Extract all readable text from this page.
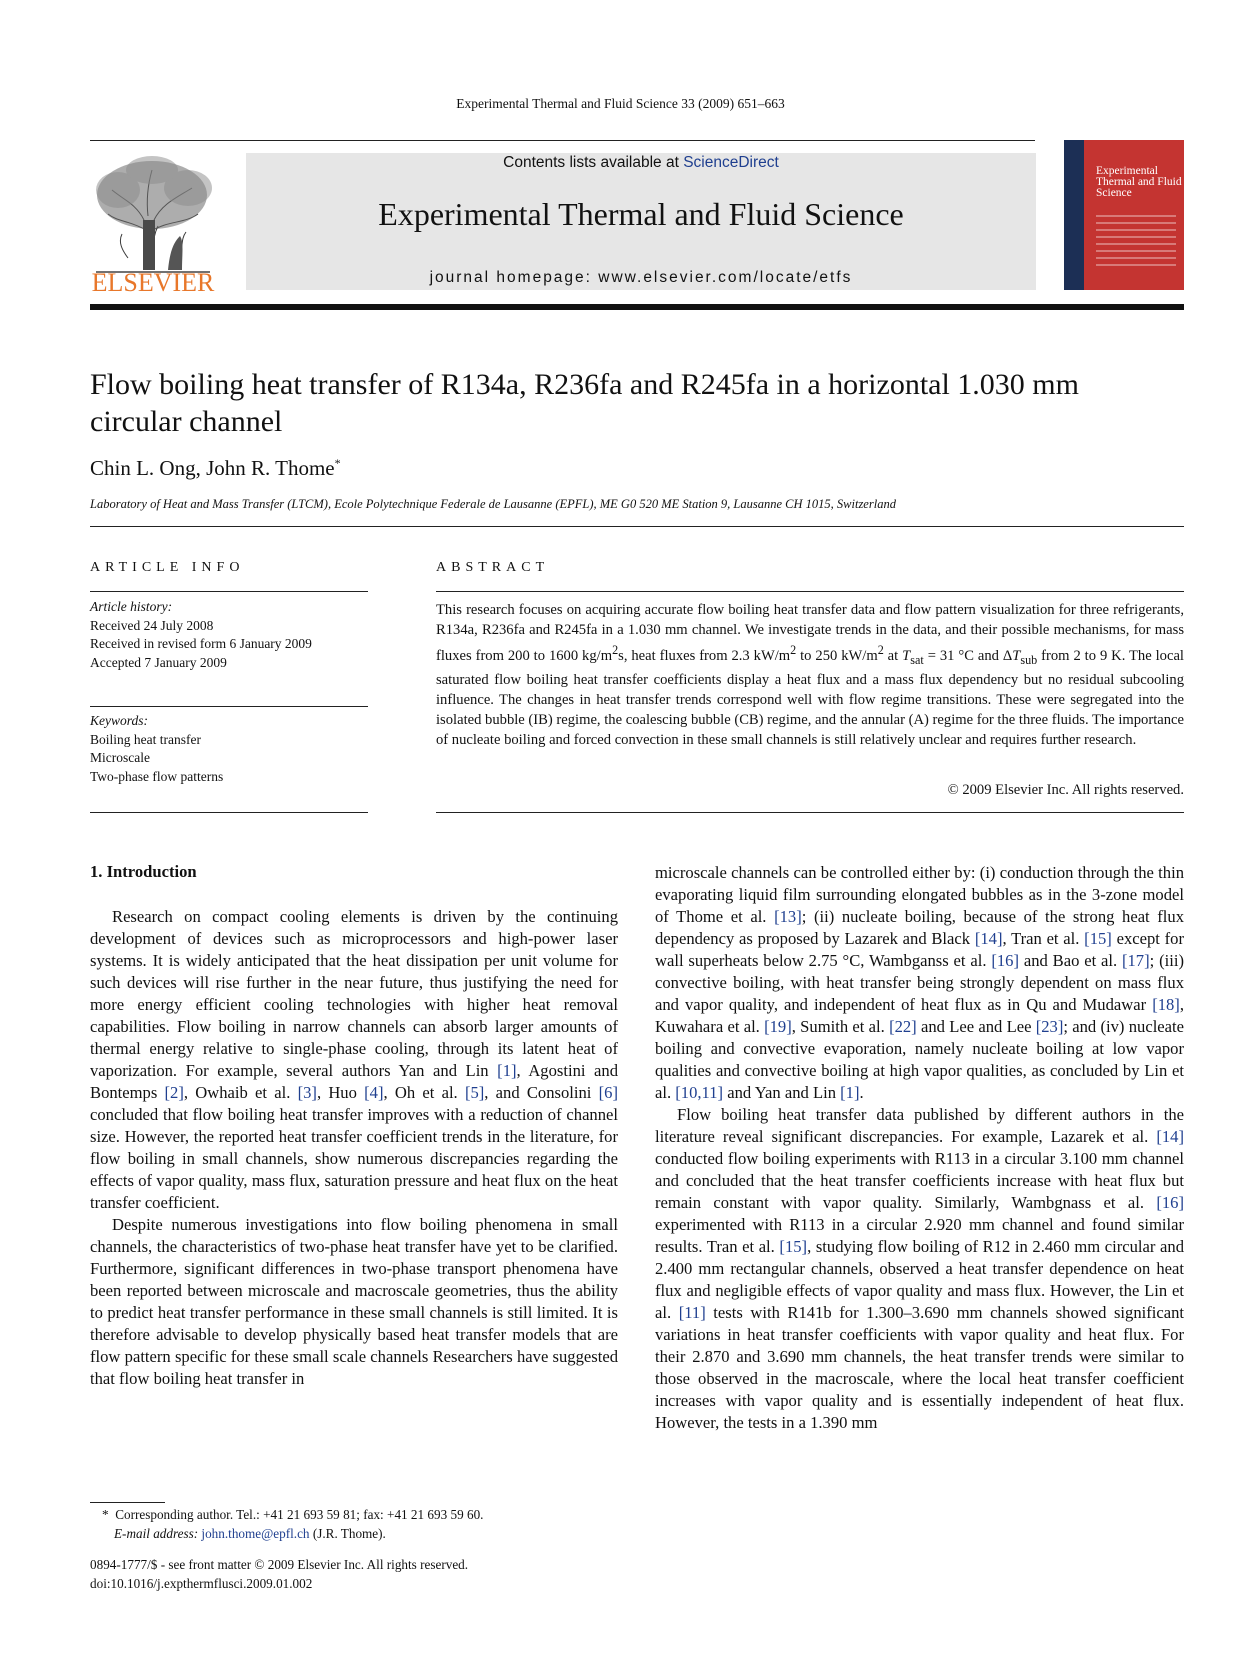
Experimental Thermal and Fluid Science 33 (2009) 651–663
ELSEVIER
Contents lists available at ScienceDirect
Experimental Thermal and Fluid Science
journal homepage: www.elsevier.com/locate/etfs
Experimental Thermal and Fluid Science
Flow boiling heat transfer of R134a, R236fa and R245fa in a horizontal 1.030 mm circular channel
Chin L. Ong, John R. Thome*
Laboratory of Heat and Mass Transfer (LTCM), Ecole Polytechnique Federale de Lausanne (EPFL), ME G0 520 ME Station 9, Lausanne CH 1015, Switzerland
ARTICLE INFO
Article history:
Received 24 July 2008
Received in revised form 6 January 2009
Accepted 7 January 2009
Keywords:
Boiling heat transfer
Microscale
Two-phase flow patterns
ABSTRACT
This research focuses on acquiring accurate flow boiling heat transfer data and flow pattern visualization for three refrigerants, R134a, R236fa and R245fa in a 1.030 mm channel. We investigate trends in the data, and their possible mechanisms, for mass fluxes from 200 to 1600 $kg/m^2s$, heat fluxes from 2.3 $kW/m^2$ to 250 $kW/m^2$ at $T_{sat} = 31$ °C and $\Delta T_{sub}$ from 2 to 9 K. The local saturated flow boiling heat transfer coefficients display a heat flux and a mass flux dependency but no residual subcooling influence. The changes in heat transfer trends correspond well with flow regime transitions. These were segregated into the isolated bubble (IB) regime, the coalescing bubble (CB) regime, and the annular (A) regime for the three fluids. The importance of nucleate boiling and forced convection in these small channels is still relatively unclear and requires further research.
© 2009 Elsevier Inc. All rights reserved.
1. Introduction

Research on compact cooling elements is driven by the continuing development of devices such as microprocessors and high-power laser systems. It is widely anticipated that the heat dissipation per unit volume for such devices will rise further in the near future, thus justifying the need for more energy efficient cooling technologies with higher heat removal capabilities. Flow boiling in narrow channels can absorb larger amounts of thermal energy relative to single-phase cooling, through its latent heat of vaporization. For example, several authors Yan and Lin [1], Agostini and Bontemps [2], Owhaib et al. [3], Huo [4], Oh et al. [5], and Consolini [6] concluded that flow boiling heat transfer improves with a reduction of channel size. However, the reported heat transfer coefficient trends in the literature, for flow boiling in small channels, show numerous discrepancies regarding the effects of vapor quality, mass flux, saturation pressure and heat flux on the heat transfer coefficient.

Despite numerous investigations into flow boiling phenomena in small channels, the characteristics of two-phase heat transfer have yet to be clarified. Furthermore, significant differences in two-phase transport phenomena have been reported between microscale and macroscale geometries, thus the ability to predict heat transfer performance in these small channels is still limited. It is therefore advisable to develop physically based heat transfer models that are flow pattern specific for these small scale channels Researchers have suggested that flow boiling heat transfer in

microscale channels can be controlled either by: (i) conduction through the thin evaporating liquid film surrounding elongated bubbles as in the 3-zone model of Thome et al. [13]; (ii) nucleate boiling, because of the strong heat flux dependency as proposed by Lazarek and Black [14], Tran et al. [15] except for wall superheats below 2.75 °C, Wambganss et al. [16] and Bao et al. [17]; (iii) convective boiling, with heat transfer being strongly dependent on mass flux and vapor quality, and independent of heat flux as in Qu and Mudawar [18], Kuwahara et al. [19], Sumith et al. [22] and Lee and Lee [23]; and (iv) nucleate boiling and convective evaporation, namely nucleate boiling at low vapor qualities and convective boiling at high vapor qualities, as concluded by Lin et al. [10,11] and Yan and Lin [1].

Flow boiling heat transfer data published by different authors in the literature reveal significant discrepancies. For example, Lazarek et al. [14] conducted flow boiling experiments with R113 in a circular 3.100 mm channel and concluded that the heat transfer coefficients increase with heat flux but remain constant with vapor quality. Similarly, Wambgnass et al. [16] experimented with R113 in a circular 2.920 mm channel and found similar results. Tran et al. [15], studying flow boiling of R12 in 2.460 mm circular and 2.400 mm rectangular channels, observed a heat transfer dependence on heat flux and negligible effects of vapor quality and mass flux. However, the Lin et al. [11] tests with R141b for 1.300–3.690 mm channels showed significant variations in heat transfer coefficients with vapor quality and heat flux. For their 2.870 and 3.690 mm channels, the heat transfer trends were similar to those observed in the macroscale, where the local heat transfer coefficient increases with vapor quality and is essentially independent of heat flux. However, the tests in a 1.390 mm

* Corresponding author. Tel.: +41 21 693 59 81; fax: +41 21 693 59 60.
E-mail address: john.thome@epfl.ch (J.R. Thome).
0894-1777/$ - see front matter © 2009 Elsevier Inc. All rights reserved.
doi:10.1016/j.expthermflusci.2009.01.002
